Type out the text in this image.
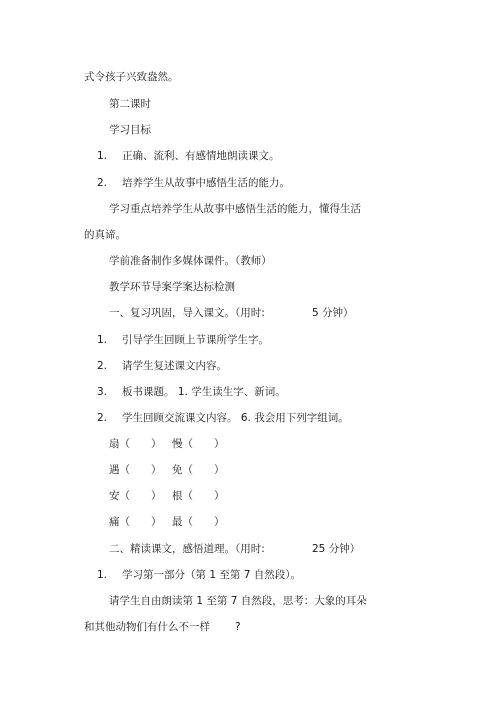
式令孩子兴致盎然。
第二课时
学习目标
1. 正确、流利、有感情地朗读课文。
2. 培养学生从故事中感悟生活的能力。
学习重点培养学生从故事中感悟生活的能力，懂得生活
的真谛。
学前准备制作多媒体课件。（教师）
教学环节导案学案达标检测
一、复习巩固，导入课文。（用时:	5 分钟）
1. 引导学生回顾上节课所学生字。
2. 请学生复述课文内容。
3. 板书课题。 1. 学生读生字、新词。
2. 学生回顾交流课文内容。 6. 我会用下列字组词。
扇（　　） 慢（　　）
遇（　　） 免（　　）
安（　　） 根（　　）
痛（　　） 最（　　）
二、精读课文，感悟道理。（用时:	25 分钟）
1. 学习第一部分（第 1 至第 7 自然段）。
请学生自由朗读第 1 至第 7 自然段，思考：大象的耳朵
和其他动物们有什么不一样 ?
